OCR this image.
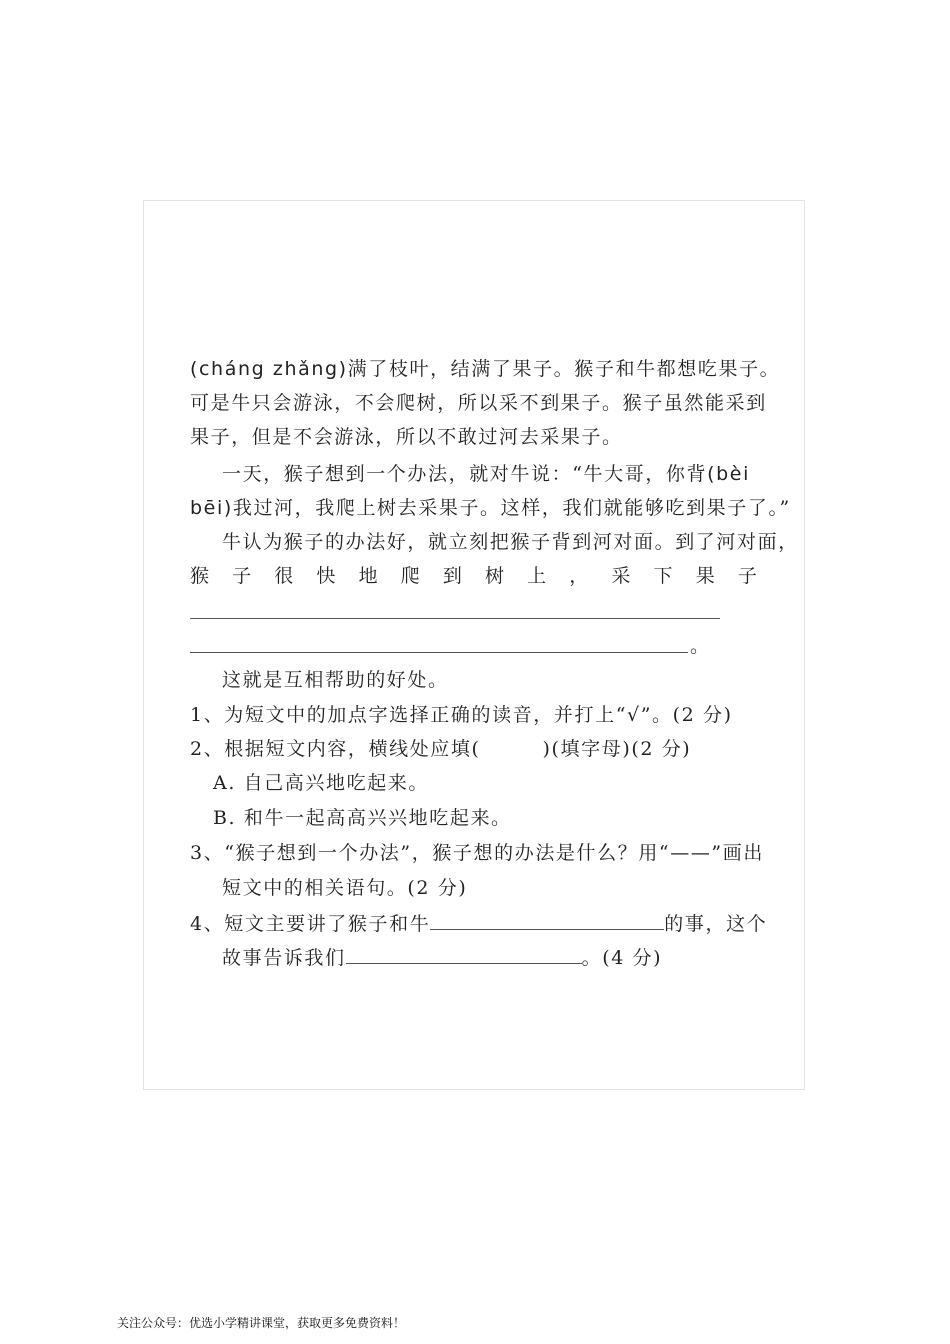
(cháng zhǎng)满了枝叶，结满了果子。猴子和牛都想吃果子。
可是牛只会游泳，不会爬树，所以采不到果子。猴子虽然能采到
果子，但是不会游泳，所以不敢过河去采果子。
一天，猴子想到一个办法，就对牛说：“牛大哥，你背(bèi
bēi)我过河，我爬上树去采果子。这样，我们就能够吃到果子了。”
牛认为猴子的办法好，就立刻把猴子背到河对面。到了河对面，
猴 子 很 快 地 爬 到 树 上 ， 采 下 果 子
。
这就是互相帮助的好处。
1、为短文中的加点字选择正确的读音，并打上“√”。(2 分)
2、根据短文内容，横线处应填(	)(填字母)(2 分)
A. 自己高兴地吃起来。
B. 和牛一起高高兴兴地吃起来。
3、“猴子想到一个办法”，猴子想的办法是什么？用“——”画出
短文中的相关语句。(2 分)
4、短文主要讲了猴子和牛	的事，这个
故事告诉我们	。(4 分)
关注公众号：优选小学精讲课堂，获取更多免费资料！
